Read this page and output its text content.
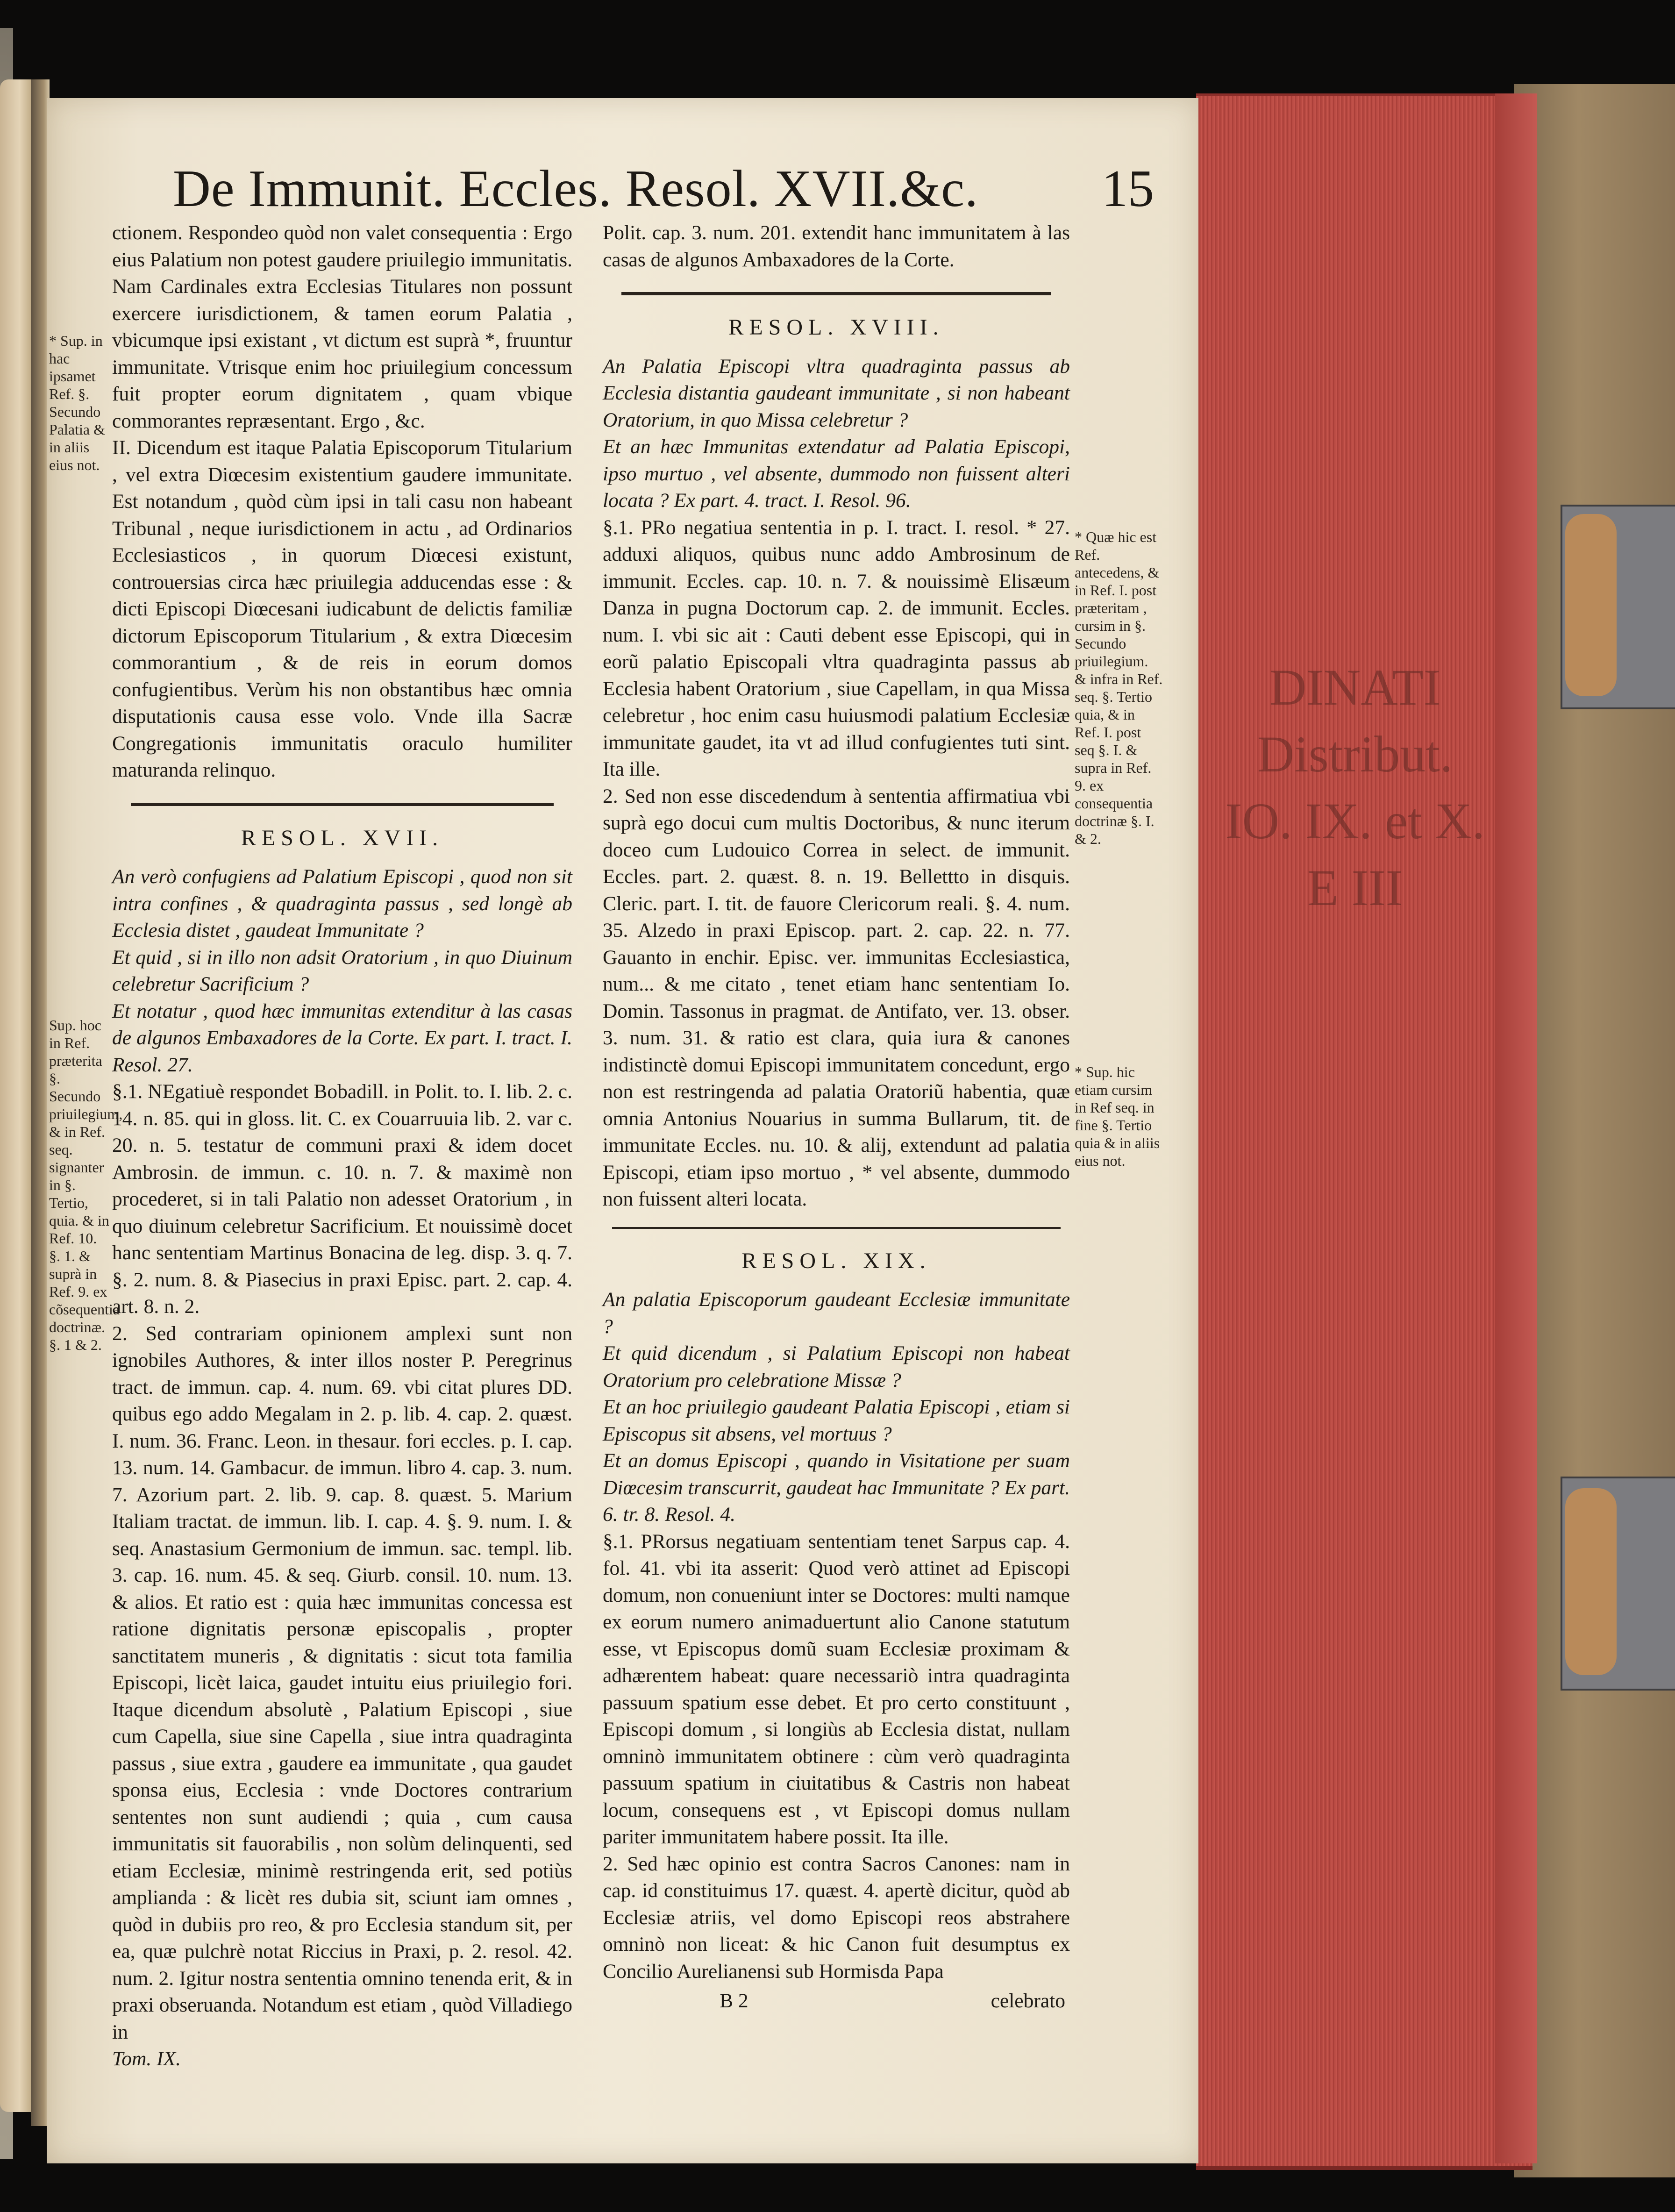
DINATI
Distribut.
IO. IX. et X.
E III
De Immunit. Eccles. Resol. XVII.&c. 15
* Sup. in hac ipsamet Ref. §. Secundo Palatia & in aliis eius not.
Sup. hoc in Ref. præterita §. Secundo priuilegium, & in Ref. seq. signanter in §. Tertio, quia. & in Ref. 10. §. 1. & suprà in Ref. 9. ex cõsequentia doctrinæ. §. 1 & 2.
* Quæ hic est Ref. antecedens, & in Ref. I. post præteritam , cursim in §. Secundo priuilegium. & infra in Ref. seq. §. Tertio quia, & in Ref. I. post seq §. I. & supra in Ref. 9. ex consequentia doctrinæ §. I. & 2.
* Sup. hic etiam cursim in Ref seq. in fine §. Tertio quia & in aliis eius not.

ctionem. Respondeo quòd non valet consequentia : Ergo eius Palatium non potest gaudere priuilegio immunitatis. Nam Cardinales extra Ecclesias Titulares non possunt exercere iurisdictionem, & tamen eorum Palatia , vbicumque ipsi existant , vt dictum est suprà *, fruuntur immunitate. Vtrisque enim hoc priuilegium concessum fuit propter eorum dignitatem , quam vbique commorantes repræsentant. Ergo , &c.

II. Dicendum est itaque Palatia Episcoporum Titularium , vel extra Diœcesim existentium gaudere immunitate. Est notandum , quòd cùm ipsi in tali casu non habeant Tribunal , neque iurisdictionem in actu , ad Ordinarios Ecclesiasticos , in quorum Diœcesi existunt, controuersias circa hæc priuilegia adducendas esse : & dicti Episcopi Diœcesani iudicabunt de delictis familiæ dictorum Episcoporum Titularium , & extra Diœcesim commorantium , & de reis in eorum domos confugientibus. Verùm his non obstantibus hæc omnia disputationis causa esse volo. Vnde illa Sacræ Congregationis immunitatis oraculo humiliter maturanda relinquo.

RESOL. XVII.

An verò confugiens ad Palatium Episcopi , quod non sit intra confines , & quadraginta passus , sed longè ab Ecclesia distet , gaudeat Immunitate ?

Et quid , si in illo non adsit Oratorium , in quo Diuinum celebretur Sacrificium ?

Et notatur , quod hæc immunitas extenditur à las casas de algunos Embaxadores de la Corte. Ex part. I. tract. I. Resol. 27.

§.1. NEgatiuè respondet Bobadill. in Polit. to. I. lib. 2. c. 14. n. 85. qui in gloss. lit. C. ex Couarruuia lib. 2. var c. 20. n. 5. testatur de communi praxi & idem docet Ambrosin. de immun. c. 10. n. 7. & maximè non procederet, si in tali Palatio non adesset Oratorium , in quo diuinum celebretur Sacrificium. Et nouissimè docet hanc sententiam Martinus Bonacina de leg. disp. 3. q. 7. §. 2. num. 8. & Piasecius in praxi Episc. part. 2. cap. 4. art. 8. n. 2.

2. Sed contrariam opinionem amplexi sunt non ignobiles Authores, & inter illos noster P. Peregrinus tract. de immun. cap. 4. num. 69. vbi citat plures DD. quibus ego addo Megalam in 2. p. lib. 4. cap. 2. quæst. I. num. 36. Franc. Leon. in thesaur. fori eccles. p. I. cap. 13. num. 14. Gambacur. de immun. libro 4. cap. 3. num. 7. Azorium part. 2. lib. 9. cap. 8. quæst. 5. Marium Italiam tractat. de immun. lib. I. cap. 4. §. 9. num. I. & seq. Anastasium Germonium de immun. sac. templ. lib. 3. cap. 16. num. 45. & seq. Giurb. consil. 10. num. 13. & alios. Et ratio est : quia hæc immunitas concessa est ratione dignitatis personæ episcopalis , propter sanctitatem muneris , & dignitatis : sicut tota familia Episcopi, licèt laica, gaudet intuitu eius priuilegio fori. Itaque dicendum absolutè , Palatium Episcopi , siue cum Capella, siue sine Capella , siue intra quadraginta passus , siue extra , gaudere ea immunitate , qua gaudet sponsa eius, Ecclesia : vnde Doctores contrarium sententes non sunt audiendi ; quia , cum causa immunitatis sit fauorabilis , non solùm delinquenti, sed etiam Ecclesiæ, minimè restringenda erit, sed potiùs amplianda : & licèt res dubia sit, sciunt iam omnes , quòd in dubiis pro reo, & pro Ecclesia standum sit, per ea, quæ pulchrè notat Riccius in Praxi, p. 2. resol. 42. num. 2. Igitur nostra sententia omnino tenenda erit, & in praxi obseruanda. Notandum est etiam , quòd Villadiego in

Tom. IX.

Polit. cap. 3. num. 201. extendit hanc immunitatem à las casas de algunos Ambaxadores de la Corte.

RESOL. XVIII.

An Palatia Episcopi vltra quadraginta passus ab Ecclesia distantia gaudeant immunitate , si non habeant Oratorium, in quo Missa celebretur ?

Et an hæc Immunitas extendatur ad Palatia Episcopi, ipso murtuo , vel absente, dummodo non fuissent alteri locata ? Ex part. 4. tract. I. Resol. 96.

§.1. PRo negatiua sententia in p. I. tract. I. resol. * 27. adduxi aliquos, quibus nunc addo Ambrosinum de immunit. Eccles. cap. 10. n. 7. & nouissimè Elisæum Danza in pugna Doctorum cap. 2. de immunit. Eccles. num. I. vbi sic ait : Cauti debent esse Episcopi, qui in eorũ palatio Episcopali vltra quadraginta passus ab Ecclesia habent Oratorium , siue Capellam, in qua Missa celebretur , hoc enim casu huiusmodi palatium Ecclesiæ immunitate gaudet, ita vt ad illud confugientes tuti sint. Ita ille.

2. Sed non esse discedendum à sententia affirmatiua vbi suprà ego docui cum multis Doctoribus, & nunc iterum doceo cum Ludouico Correa in select. de immunit. Eccles. part. 2. quæst. 8. n. 19. Bellettto in disquis. Cleric. part. I. tit. de fauore Clericorum reali. §. 4. num. 35. Alzedo in praxi Episcop. part. 2. cap. 22. n. 77. Gauanto in enchir. Episc. ver. immunitas Ecclesiastica, num... & me citato , tenet etiam hanc sententiam Io. Domin. Tassonus in pragmat. de Antifato, ver. 13. obser. 3. num. 31. & ratio est clara, quia iura & canones indistinctè domui Episcopi immunitatem concedunt, ergo non est restringenda ad palatia Oratoriũ habentia, quæ omnia Antonius Nouarius in summa Bullarum, tit. de immunitate Eccles. nu. 10. & alij, extendunt ad palatia Episcopi, etiam ipso mortuo , * vel absente, dummodo non fuissent alteri locata.

RESOL. XIX.

An palatia Episcoporum gaudeant Ecclesiæ immunitate ?

Et quid dicendum , si Palatium Episcopi non habeat Oratorium pro celebratione Missæ ?

Et an hoc priuilegio gaudeant Palatia Episcopi , etiam si Episcopus sit absens, vel mortuus ?

Et an domus Episcopi , quando in Visitatione per suam Diœcesim transcurrit, gaudeat hac Immunitate ? Ex part. 6. tr. 8. Resol. 4.

§.1. PRorsus negatiuam sententiam tenet Sarpus cap. 4. fol. 41. vbi ita asserit: Quod verò attinet ad Episcopi domum, non conueniunt inter se Doctores: multi namque ex eorum numero animaduertunt alio Canone statutum esse, vt Episcopus domũ suam Ecclesiæ proximam & adhærentem habeat: quare necessariò intra quadraginta passuum spatium esse debet. Et pro certo constituunt , Episcopi domum , si longiùs ab Ecclesia distat, nullam omninò immunitatem obtinere : cùm verò quadraginta passuum spatium in ciuitatibus & Castris non habeat locum, consequens est , vt Episcopi domus nullam pariter immunitatem habere possit. Ita ille.

2. Sed hæc opinio est contra Sacros Canones: nam in cap. id constituimus 17. quæst. 4. apertè dicitur, quòd ab Ecclesiæ atriis, vel domo Episcopi reos abstrahere omninò non liceat: & hic Canon fuit desumptus ex Concilio Aurelianensi sub Hormisda Papa

B 2	celebrato
